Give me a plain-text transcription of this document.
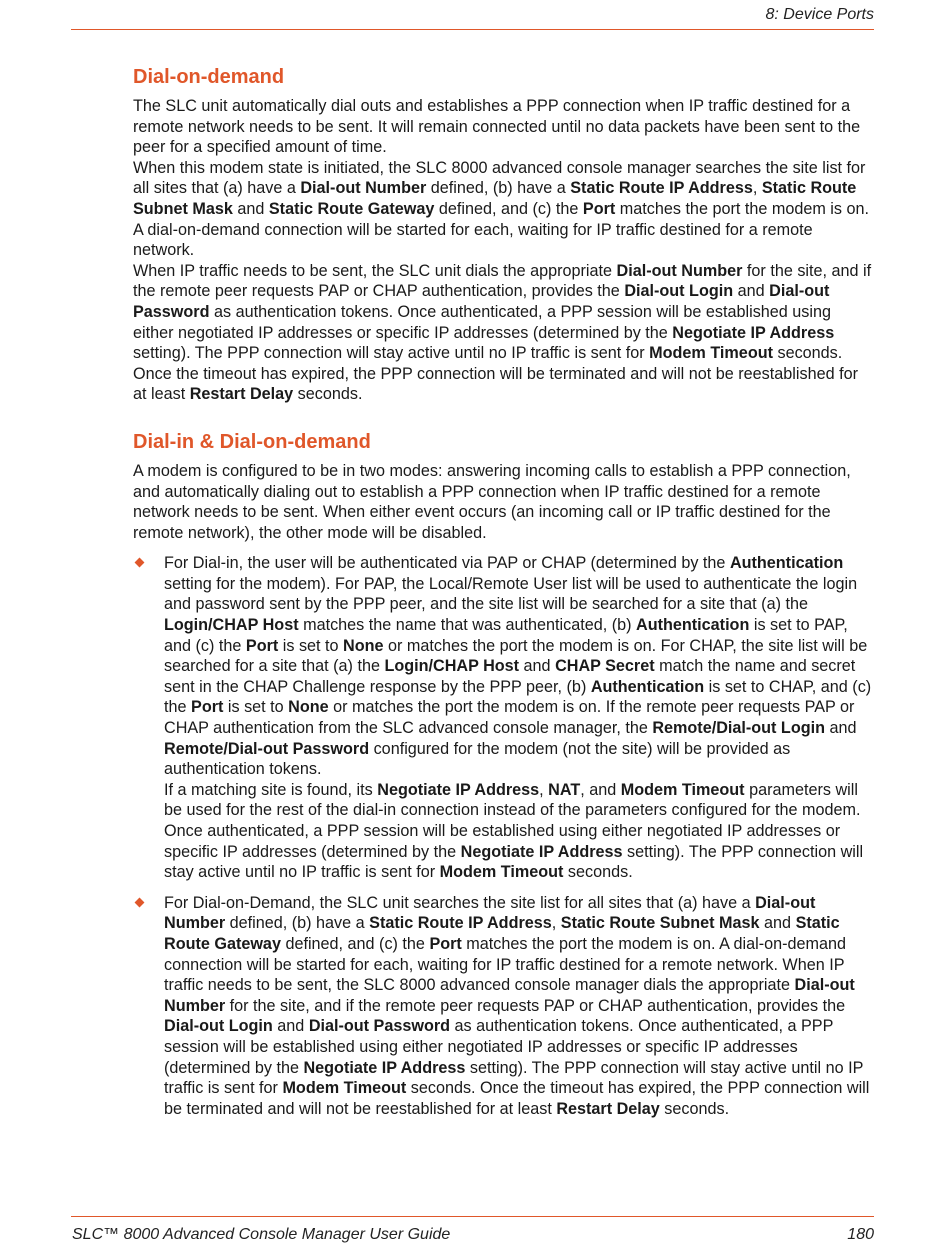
8: Device Ports
Dial-on-demand

The SLC unit automatically dial outs and establishes a PPP connection when IP traffic destined for a remote network needs to be sent. It will remain connected until no data packets have been sent to the peer for a specified amount of time.

When this modem state is initiated, the SLC 8000 advanced console manager searches the site list for all sites that (a) have a Dial-out Number defined, (b) have a Static Route IP Address, Static Route Subnet Mask and Static Route Gateway defined, and (c) the Port matches the port the modem is on. A dial-on-demand connection will be started for each, waiting for IP traffic destined for a remote network.

When IP traffic needs to be sent, the SLC unit dials the appropriate Dial-out Number for the site, and if the remote peer requests PAP or CHAP authentication, provides the Dial-out Login and Dial-out Password as authentication tokens. Once authenticated, a PPP session will be established using either negotiated IP addresses or specific IP addresses (determined by the Negotiate IP Address setting). The PPP connection will stay active until no IP traffic is sent for Modem Timeout seconds. Once the timeout has expired, the PPP connection will be terminated and will not be reestablished for at least Restart Delay seconds.

Dial-in & Dial-on-demand

A modem is configured to be in two modes: answering incoming calls to establish a PPP connection, and automatically dialing out to establish a PPP connection when IP traffic destined for a remote network needs to be sent. When either event occurs (an incoming call or IP traffic destined for the remote network), the other mode will be disabled.

For Dial-in, the user will be authenticated via PAP or CHAP (determined by the Authentication setting for the modem). For PAP, the Local/Remote User list will be used to authenticate the login and password sent by the PPP peer, and the site list will be searched for a site that (a) the Login/CHAP Host matches the name that was authenticated, (b) Authentication is set to PAP, and (c) the Port is set to None or matches the port the modem is on. For CHAP, the site list will be searched for a site that (a) the Login/CHAP Host and CHAP Secret match the name and secret sent in the CHAP Challenge response by the PPP peer, (b) Authentication is set to CHAP, and (c) the Port is set to None or matches the port the modem is on. If the remote peer requests PAP or CHAP authentication from the SLC advanced console manager, the Remote/Dial-out Login and Remote/Dial-out Password configured for the modem (not the site) will be provided as authentication tokens.

If a matching site is found, its Negotiate IP Address, NAT, and Modem Timeout parameters will be used for the rest of the dial-in connection instead of the parameters configured for the modem. Once authenticated, a PPP session will be established using either negotiated IP addresses or specific IP addresses (determined by the Negotiate IP Address setting). The PPP connection will stay active until no IP traffic is sent for Modem Timeout seconds.

For Dial-on-Demand, the SLC unit searches the site list for all sites that (a) have a Dial-out Number defined, (b) have a Static Route IP Address, Static Route Subnet Mask and Static Route Gateway defined, and (c) the Port matches the port the modem is on. A dial-on-demand connection will be started for each, waiting for IP traffic destined for a remote network. When IP traffic needs to be sent, the SLC 8000 advanced console manager dials the appropriate Dial-out Number for the site, and if the remote peer requests PAP or CHAP authentication, provides the Dial-out Login and Dial-out Password as authentication tokens. Once authenticated, a PPP session will be established using either negotiated IP addresses or specific IP addresses (determined by the Negotiate IP Address setting). The PPP connection will stay active until no IP traffic is sent for Modem Timeout seconds. Once the timeout has expired, the PPP connection will be terminated and will not be reestablished for at least Restart Delay seconds.

SLC™ 8000 Advanced Console Manager User Guide	180
